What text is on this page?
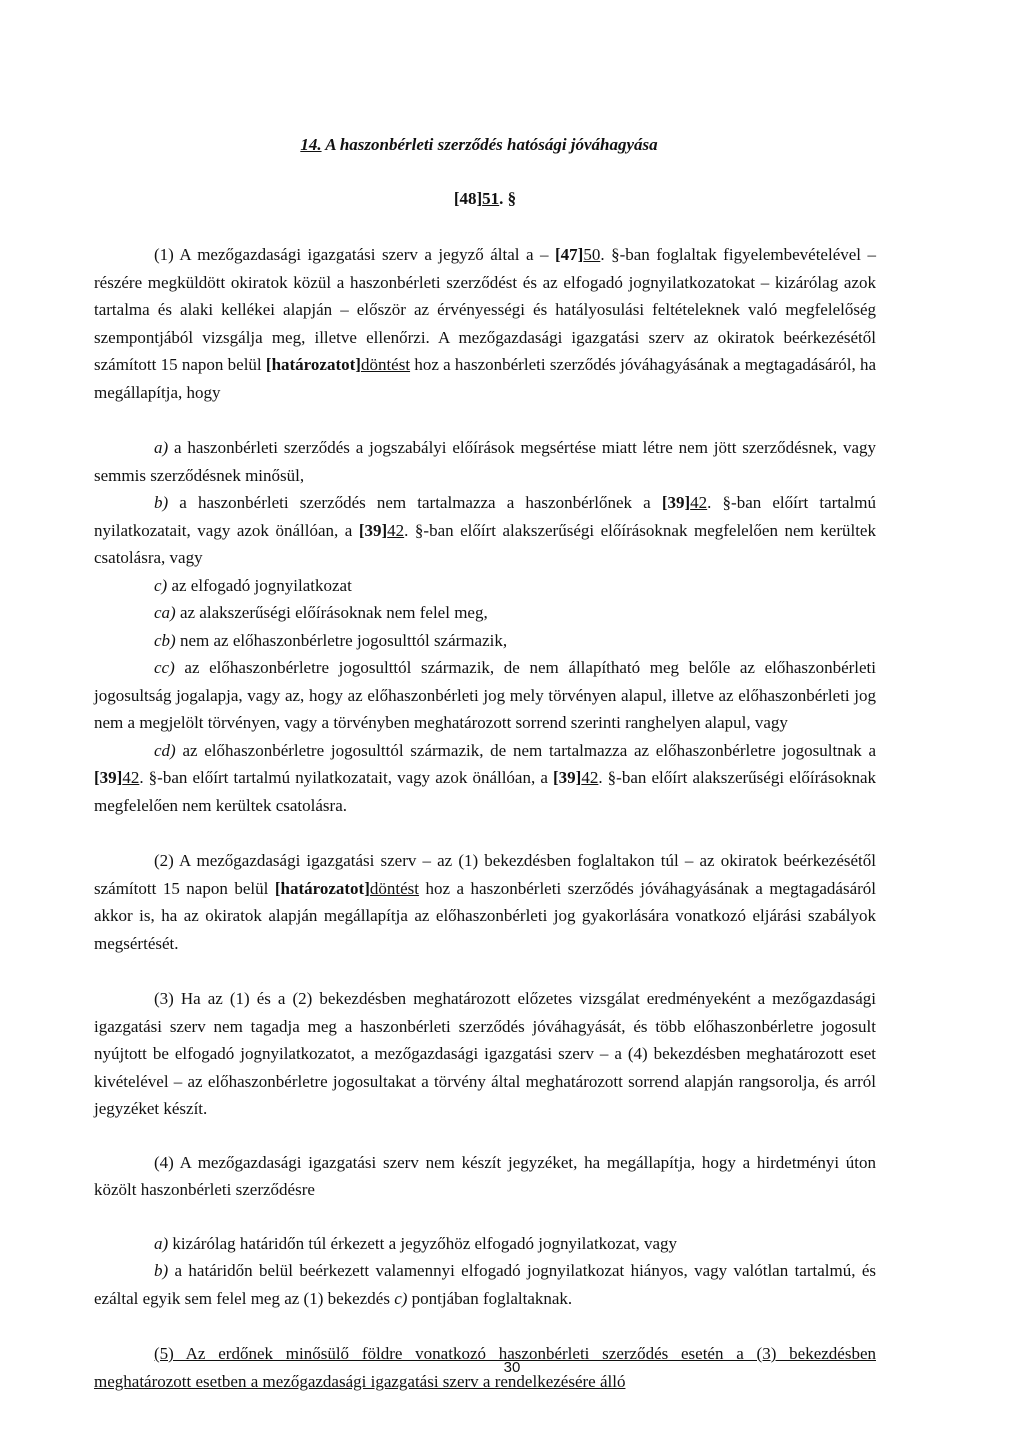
14. A haszonbérleti szerződés hatósági jóváhagyása
[48]51. §

(1) A mezőgazdasági igazgatási szerv a jegyző által a – [47]50. §-ban foglaltak figyelembevételével – részére megküldött okiratok közül a haszonbérleti szerződést és az elfogadó jognyilatkozatokat – kizárólag azok tartalma és alaki kellékei alapján – először az érvényességi és hatályosulási feltételeknek való megfelelőség szempontjából vizsgálja meg, illetve ellenőrzi. A mezőgazdasági igazgatási szerv az okiratok beérkezésétől számított 15 napon belül [határozatot]döntést hoz a haszonbérleti szerződés jóváhagyásának a megtagadásáról, ha megállapítja, hogy

a) a haszonbérleti szerződés a jogszabályi előírások megsértése miatt létre nem jött szerződésnek, vagy semmis szerződésnek minősül,

b) a haszonbérleti szerződés nem tartalmazza a haszonbérlőnek a [39]42. §-ban előírt tartalmú nyilatkozatait, vagy azok önállóan, a [39]42. §-ban előírt alakszerűségi előírásoknak megfelelően nem kerültek csatolásra, vagy

c) az elfogadó jognyilatkozat

ca) az alakszerűségi előírásoknak nem felel meg,

cb) nem az előhaszonbérletre jogosulttól származik,

cc) az előhaszonbérletre jogosulttól származik, de nem állapítható meg belőle az előhaszonbérleti jogosultság jogalapja, vagy az, hogy az előhaszonbérleti jog mely törvényen alapul, illetve az előhaszonbérleti jog nem a megjelölt törvényen, vagy a törvényben meghatározott sorrend szerinti ranghelyen alapul, vagy

cd) az előhaszonbérletre jogosulttól származik, de nem tartalmazza az előhaszonbérletre jogosultnak a [39]42. §-ban előírt tartalmú nyilatkozatait, vagy azok önállóan, a [39]42. §-ban előírt alakszerűségi előírásoknak megfelelően nem kerültek csatolásra.

(2) A mezőgazdasági igazgatási szerv – az (1) bekezdésben foglaltakon túl – az okiratok beérkezésétől számított 15 napon belül [határozatot]döntést hoz a haszonbérleti szerződés jóváhagyásának a megtagadásáról akkor is, ha az okiratok alapján megállapítja az előhaszonbérleti jog gyakorlására vonatkozó eljárási szabályok megsértését.

(3) Ha az (1) és a (2) bekezdésben meghatározott előzetes vizsgálat eredményeként a mezőgazdasági igazgatási szerv nem tagadja meg a haszonbérleti szerződés jóváhagyását, és több előhaszonbérletre jogosult nyújtott be elfogadó jognyilatkozatot, a mezőgazdasági igazgatási szerv – a (4) bekezdésben meghatározott eset kivételével – az előhaszonbérletre jogosultakat a törvény által meghatározott sorrend alapján rangsorolja, és arról jegyzéket készít.

(4) A mezőgazdasági igazgatási szerv nem készít jegyzéket, ha megállapítja, hogy a hirdetményi úton közölt haszonbérleti szerződésre

a) kizárólag határidőn túl érkezett a jegyzőhöz elfogadó jognyilatkozat, vagy

b) a határidőn belül beérkezett valamennyi elfogadó jognyilatkozat hiányos, vagy valótlan tartalmú, és ezáltal egyik sem felel meg az (1) bekezdés c) pontjában foglaltaknak.

(5) Az erdőnek minősülő földre vonatkozó haszonbérleti szerződés esetén a (3) bekezdésben meghatározott esetben a mezőgazdasági igazgatási szerv a rendelkezésére álló

30
